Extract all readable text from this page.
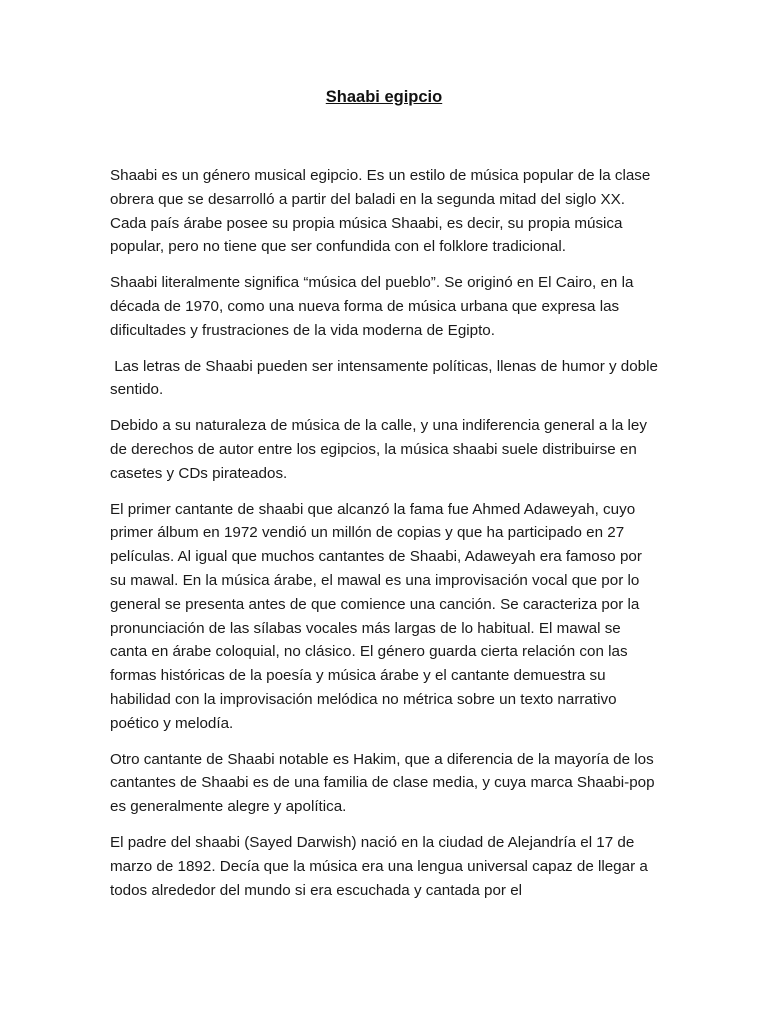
Shaabi egipcio

Shaabi es un género musical egipcio. Es un estilo de música popular de la clase obrera que se desarrolló a partir del baladi en la segunda mitad del siglo XX. Cada país árabe posee su propia música Shaabi, es decir, su propia música popular, pero no tiene que ser confundida con el folklore tradicional.

Shaabi literalmente significa “música del pueblo”. Se originó en El Cairo, en la década de 1970, como una nueva forma de música urbana que expresa las dificultades y frustraciones de la vida moderna de Egipto.

Las letras de Shaabi pueden ser intensamente políticas, llenas de humor y doble sentido.

Debido a su naturaleza de música de la calle, y una indiferencia general a la ley de derechos de autor entre los egipcios, la música shaabi suele distribuirse en casetes y CDs pirateados.

El primer cantante de shaabi que alcanzó la fama fue Ahmed Adaweyah, cuyo primer álbum en 1972 vendió un millón de copias y que ha participado en 27 películas. Al igual que muchos cantantes de Shaabi, Adaweyah era famoso por su mawal. En la música árabe, el mawal es una improvisación vocal que por lo general se presenta antes de que comience una canción. Se caracteriza por la pronunciación de las sílabas vocales más largas de lo habitual. El mawal se canta en árabe coloquial, no clásico. El género guarda cierta relación con las formas históricas de la poesía y música árabe y el cantante demuestra su habilidad con la improvisación melódica no métrica sobre un texto narrativo poético y melodía.

Otro cantante de Shaabi notable es Hakim, que a diferencia de la mayoría de los cantantes de Shaabi es de una familia de clase media, y cuya marca Shaabi-pop es generalmente alegre y apolítica.

El padre del shaabi (Sayed Darwish) nació en la ciudad de Alejandría el 17 de marzo de 1892. Decía que la música era una lengua universal capaz de llegar a todos alrededor del mundo si era escuchada y cantada por el
